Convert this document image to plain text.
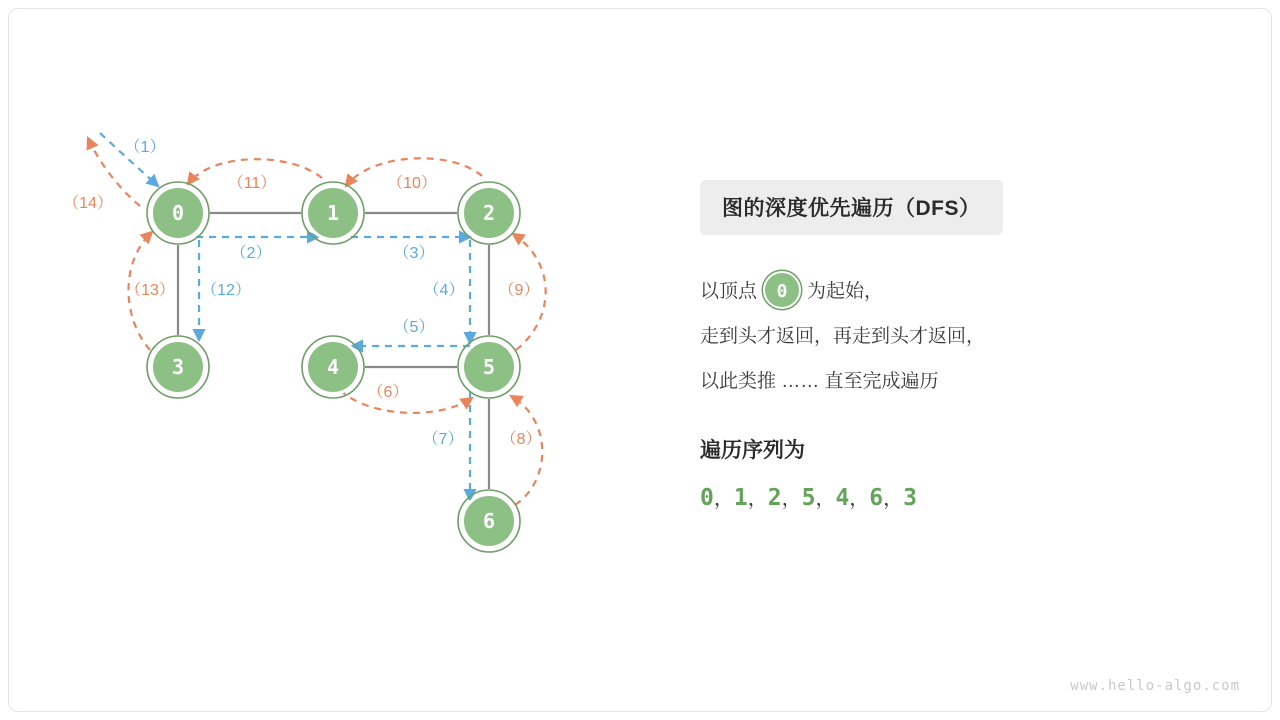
（1）
（2）	（3）
（4）
（5）
（6）
（7） （8）
（9）
（10）
（11）
（12）
（13）
（14）	0	1	2
3	4	5
6
图的深度优先遍历（DFS）
以顶点 0 为起始，
走到头才返回，再走到头才返回，
以此类推 …… 直至完成遍历
遍历序列为
0，1，2，5，4，6，3
www.hello-algo.com
